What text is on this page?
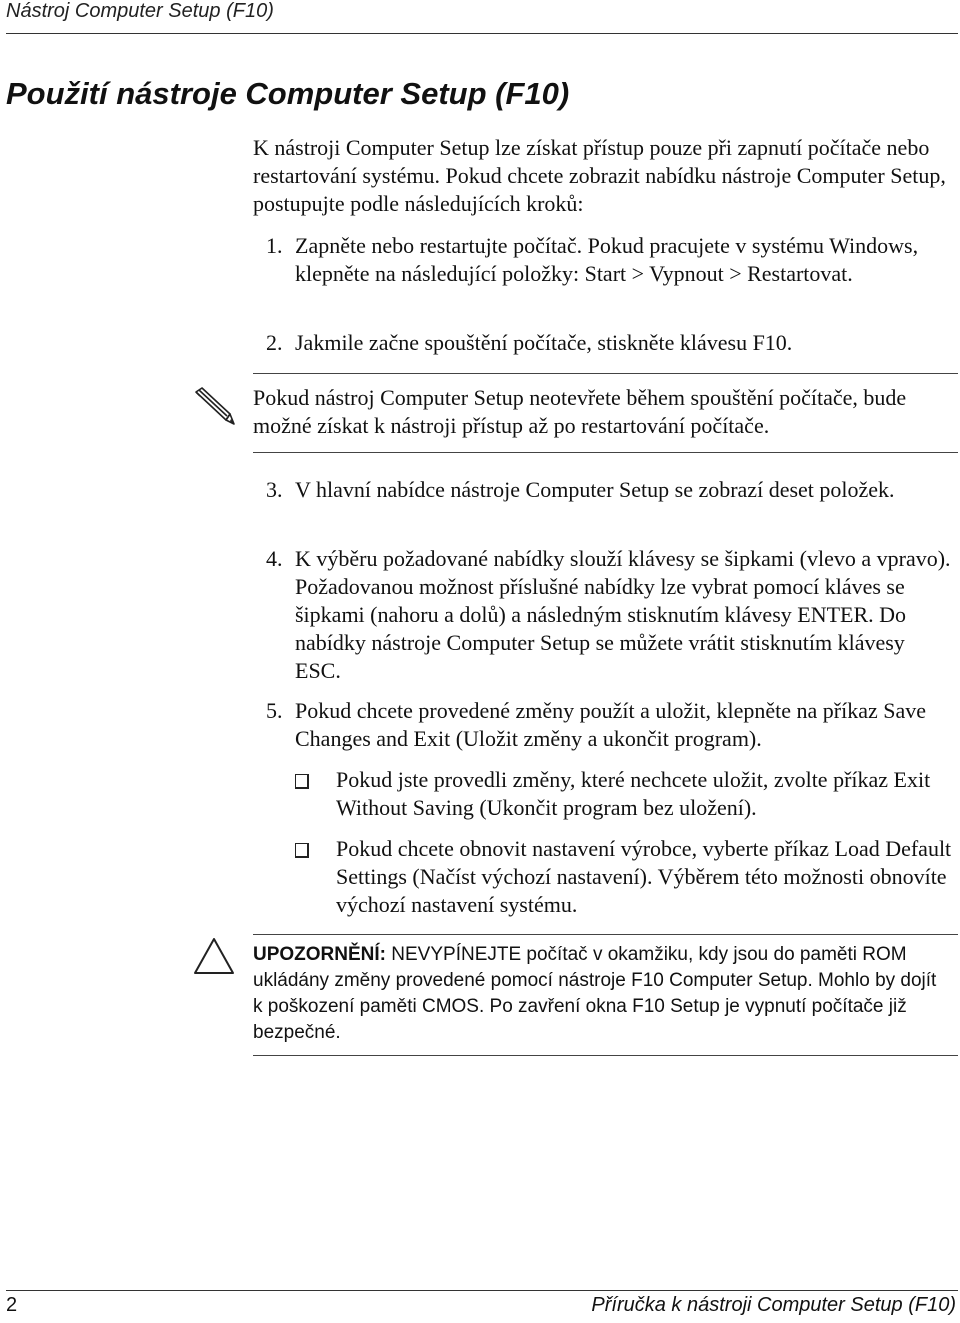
Nástroj Computer Setup (F10)
Použití nástroje Computer Setup (F10)
K nástroji Computer Setup lze získat přístup pouze při zapnutí počítače nebo restartování systému. Pokud chcete zobrazit nabídku nástroje Computer Setup, postupujte podle následujících kroků:
1. Zapněte nebo restartujte počítač. Pokud pracujete v systému Windows, klepněte na následující položky: Start > Vypnout > Restartovat.
2. Jakmile začne spouštění počítače, stiskněte klávesu F10.
Pokud nástroj Computer Setup neotevřete během spouštění počítače, bude možné získat k nástroji přístup až po restartování počítače.
3. V hlavní nabídce nástroje Computer Setup se zobrazí deset položek.
4. K výběru požadované nabídky slouží klávesy se šipkami (vlevo a vpravo). Požadovanou možnost příslušné nabídky lze vybrat pomocí kláves se šipkami (nahoru a dolů) a následným stisknutím klávesy ENTER. Do nabídky nástroje Computer Setup se můžete vrátit stisknutím klávesy ESC.
5. Pokud chcete provedené změny použít a uložit, klepněte na příkaz Save Changes and Exit (Uložit změny a ukončit program).
Pokud jste provedli změny, které nechcete uložit, zvolte příkaz Exit Without Saving (Ukončit program bez uložení).
Pokud chcete obnovit nastavení výrobce, vyberte příkaz Load Default Settings (Načíst výchozí nastavení). Výběrem této možnosti obnovíte výchozí nastavení systému.
UPOZORNĚNÍ: NEVYPÍNEJTE počítač v okamžiku, kdy jsou do paměti ROM ukládány změny provedené pomocí nástroje F10 Computer Setup. Mohlo by dojít k poškození paměti CMOS. Po zavření okna F10 Setup je vypnutí počítače již bezpečné.
2	Příručka k nástroji Computer Setup (F10)
